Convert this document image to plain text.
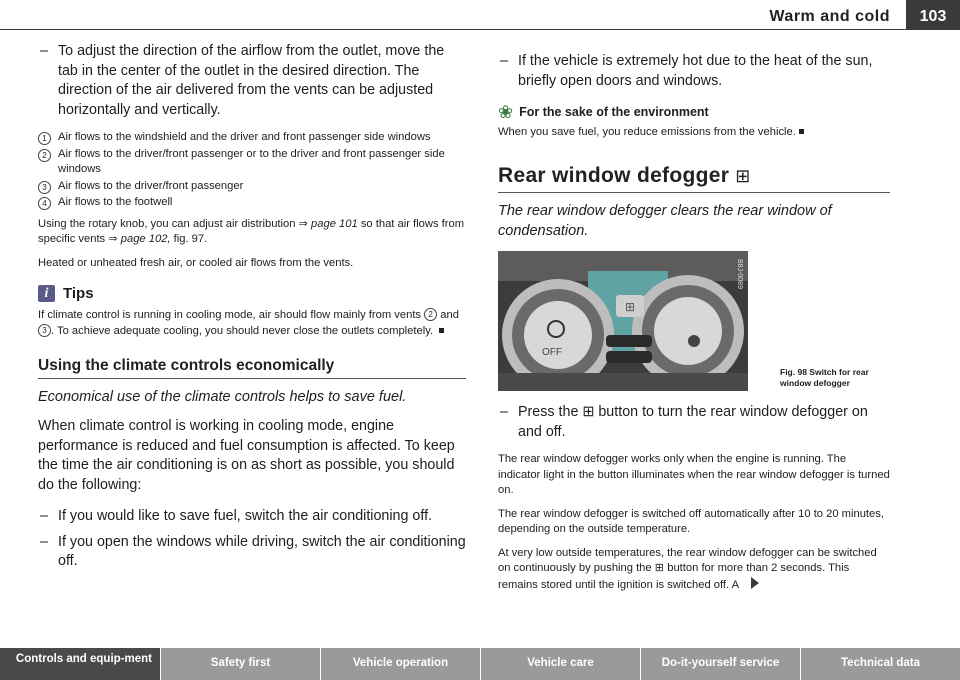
Warm and cold	103

– To adjust the direction of the airflow from the outlet, move the tab in the center of the outlet in the desired direction. The direction of the air delivered from the vents can be adjusted horizontally and vertically.

1	Air flows to the windshield and the driver and front passenger side windows
2	Air flows to the driver/front passenger or to the driver and front passenger side windows
3	Air flows to the driver/front passenger
4	Air flows to the footwell

Using the rotary knob, you can adjust air distribution ⇒ page 101 so that air flows from specific vents ⇒ page 102, fig. 97.

Heated or unheated fresh air, or cooled air flows from the vents.

i Tips

If climate control is running in cooling mode, air should flow mainly from vents 2 and 3 . To achieve adequate cooling, you should never close the outlets completely.

Using the climate controls economically

Economical use of the climate controls helps to save fuel.

When climate control is working in cooling mode, engine performance is reduced and fuel consumption is affected. To keep the time the air conditioning is on as short as possible, you should do the following:

– If you would like to save fuel, switch the air conditioning off.

– If you open the windows while driving, switch the air conditioning off.

– If the vehicle is extremely hot due to the heat of the sun, briefly open doors and windows.

❀ For the sake of the environment
When you save fuel, you reduce emissions from the vehicle.
Rear window defogger ⊞

The rear window defogger clears the rear window of condensation.

⊞
OFF
B8J-0089
Fig. 98 Switch for rear window defogger

– Press the ⊞ button to turn the rear window defogger on and off.

The rear window defogger works only when the engine is running. The indicator light in the button illuminates when the rear window defogger is turned on.

The rear window defogger is switched off automatically after 10 to 20 minutes, depending on the outside temperature.

At very low outside temperatures, the rear window defogger can be switched on continuously by pushing the ⊞ button for more than 2 seconds. This remains stored until the ignition is switched off. A

Controls and equip-ment	Safety first	Vehicle operation	Vehicle care	Do-it-yourself service	Technical data
